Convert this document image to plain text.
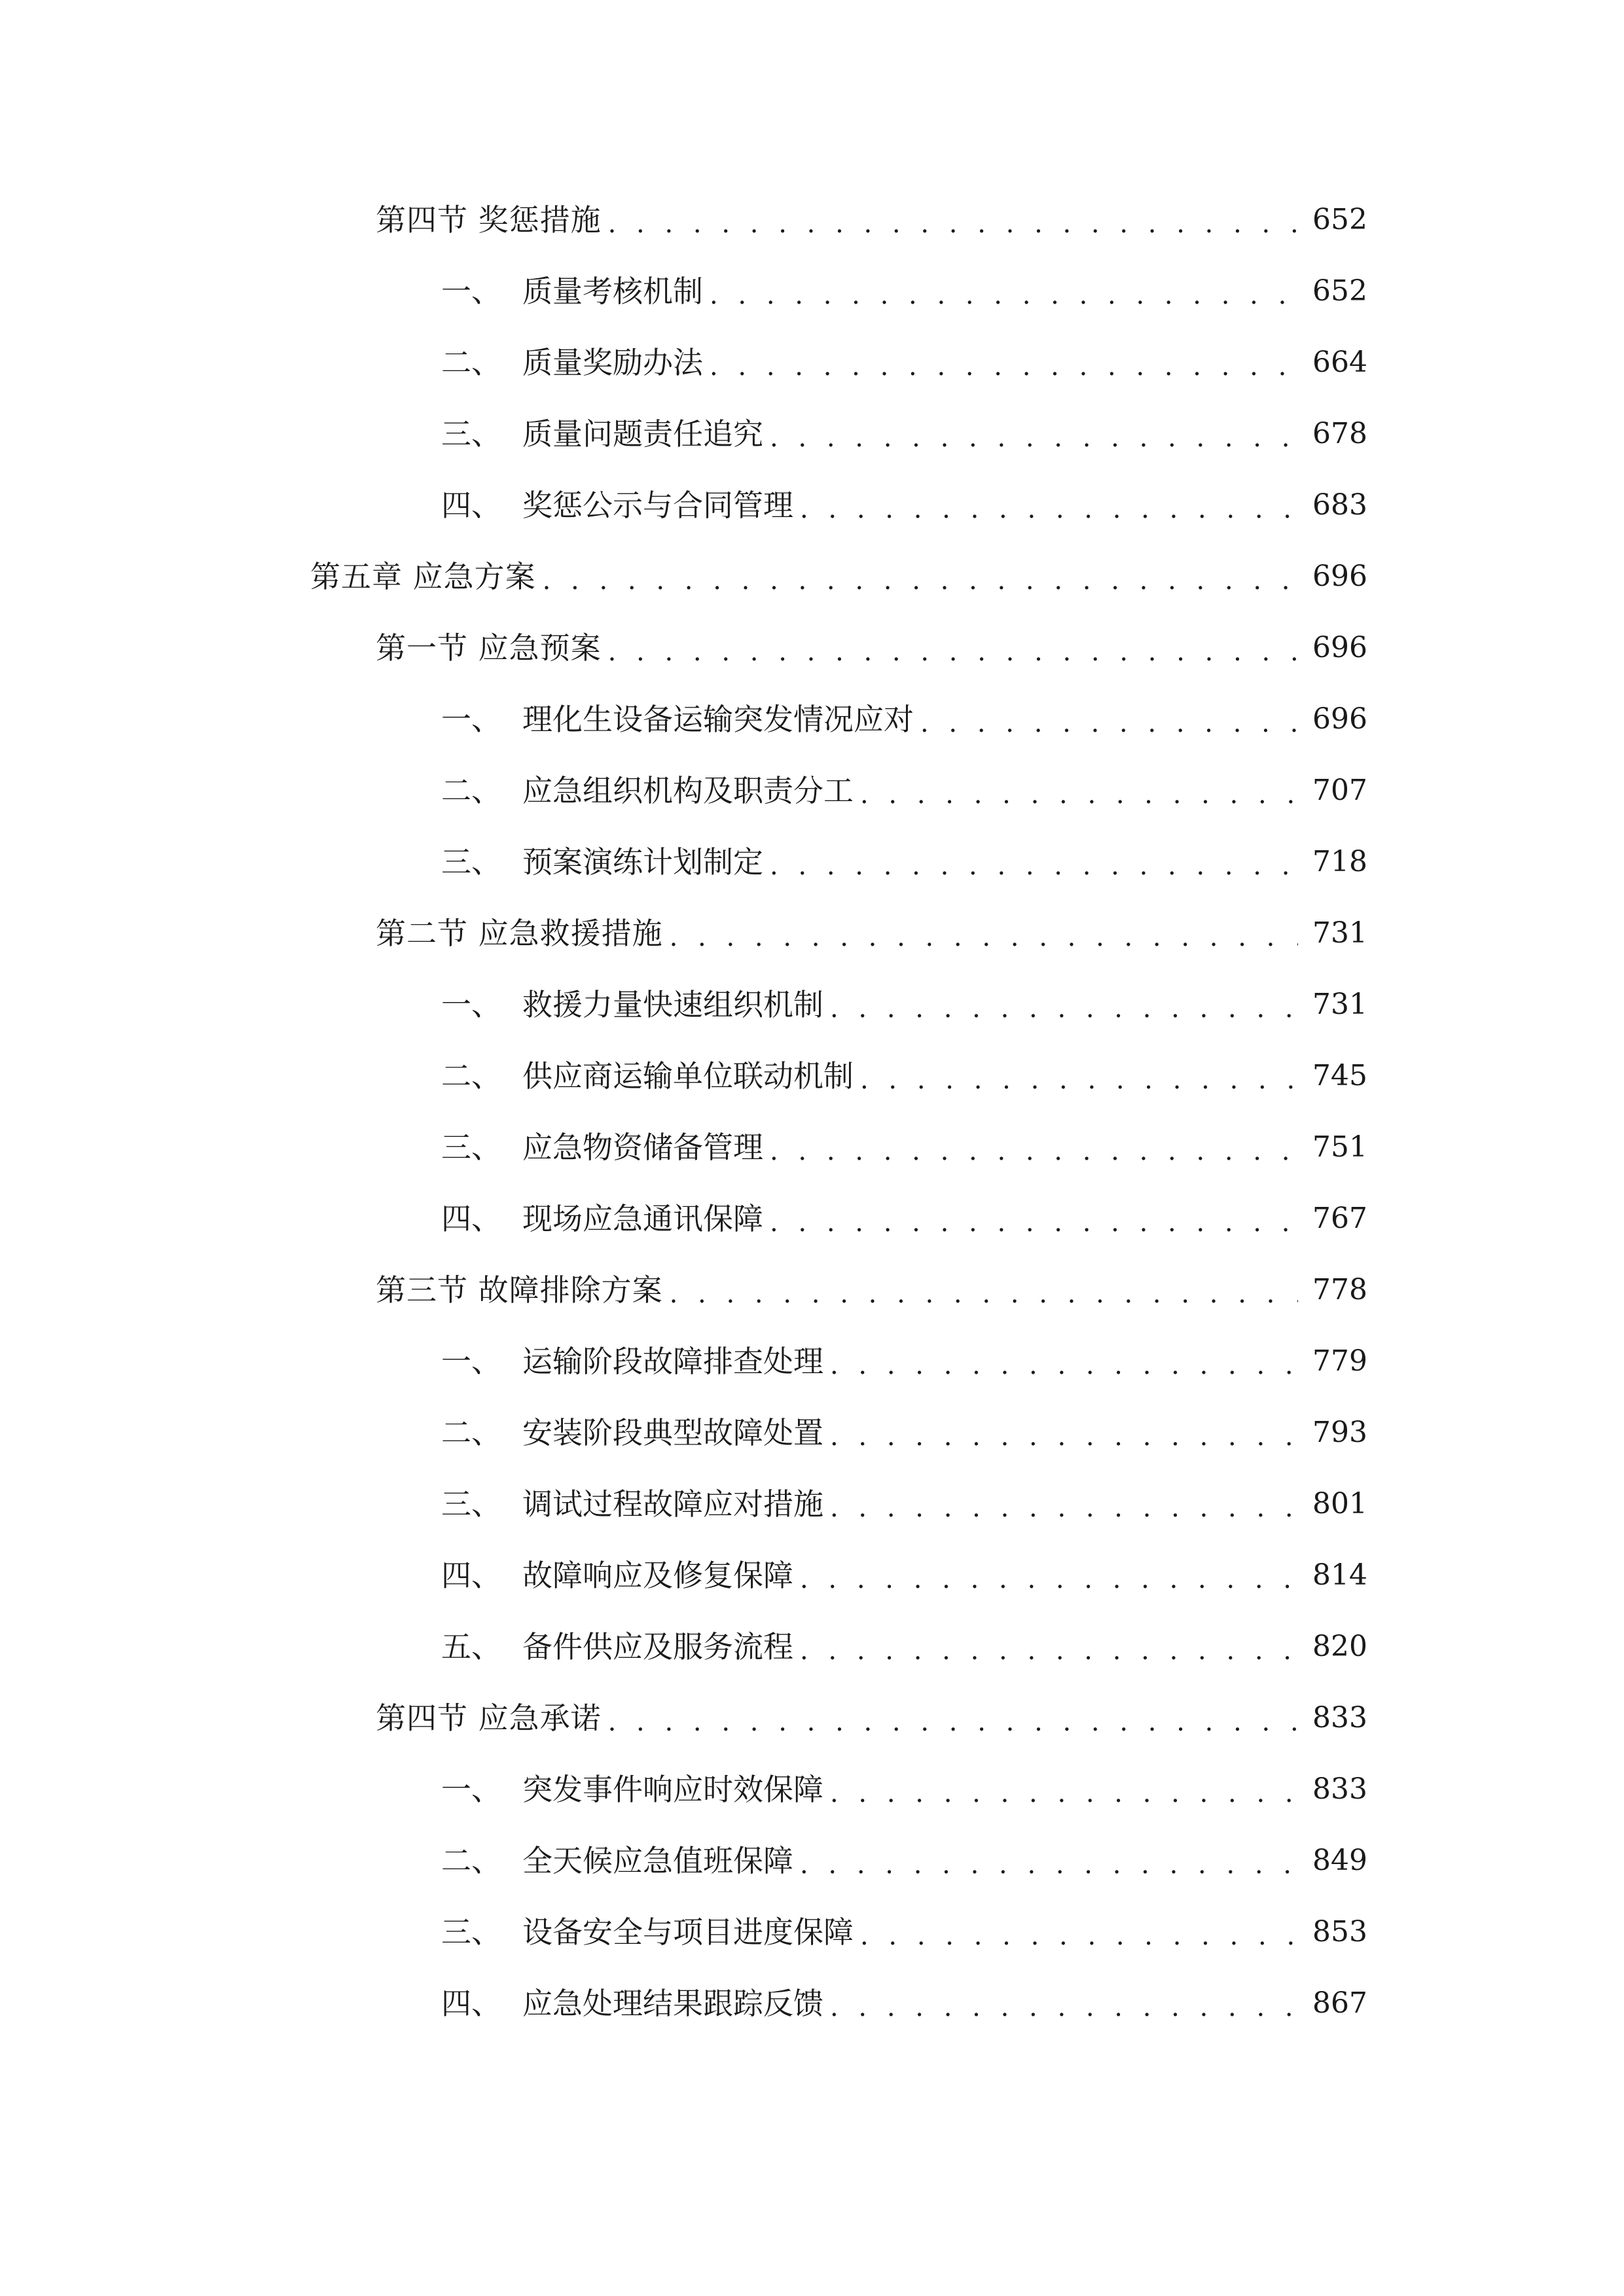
第四节 奖惩措施 . . .	652
一、 质量考核机制 . . .	652
二、 质量奖励办法 . . .	664
三、 质量问题责任追究 . . .	678
四、 奖惩公示与合同管理 . . .	683
第五章 应急方案 . . .	696
第一节 应急预案 . . .	696
一、 理化生设备运输突发情况应对 . . .	696
二、 应急组织机构及职责分工 . . .	707
三、 预案演练计划制定 . . .	718
第二节 应急救援措施 . . .	731
一、 救援力量快速组织机制 . . .	731
二、 供应商运输单位联动机制 . . .	745
三、 应急物资储备管理 . . .	751
四、 现场应急通讯保障 . . .	767
第三节 故障排除方案 . . .	778
一、 运输阶段故障排查处理 . . .	779
二、 安装阶段典型故障处置 . . .	793
三、 调试过程故障应对措施 . . .	801
四、 故障响应及修复保障 . . .	814
五、 备件供应及服务流程 . . .	820
第四节 应急承诺 . . .	833
一、 突发事件响应时效保障 . . .	833
二、 全天候应急值班保障 . . .	849
三、 设备安全与项目进度保障 . . .	853
四、 应急处理结果跟踪反馈 . . .	867
